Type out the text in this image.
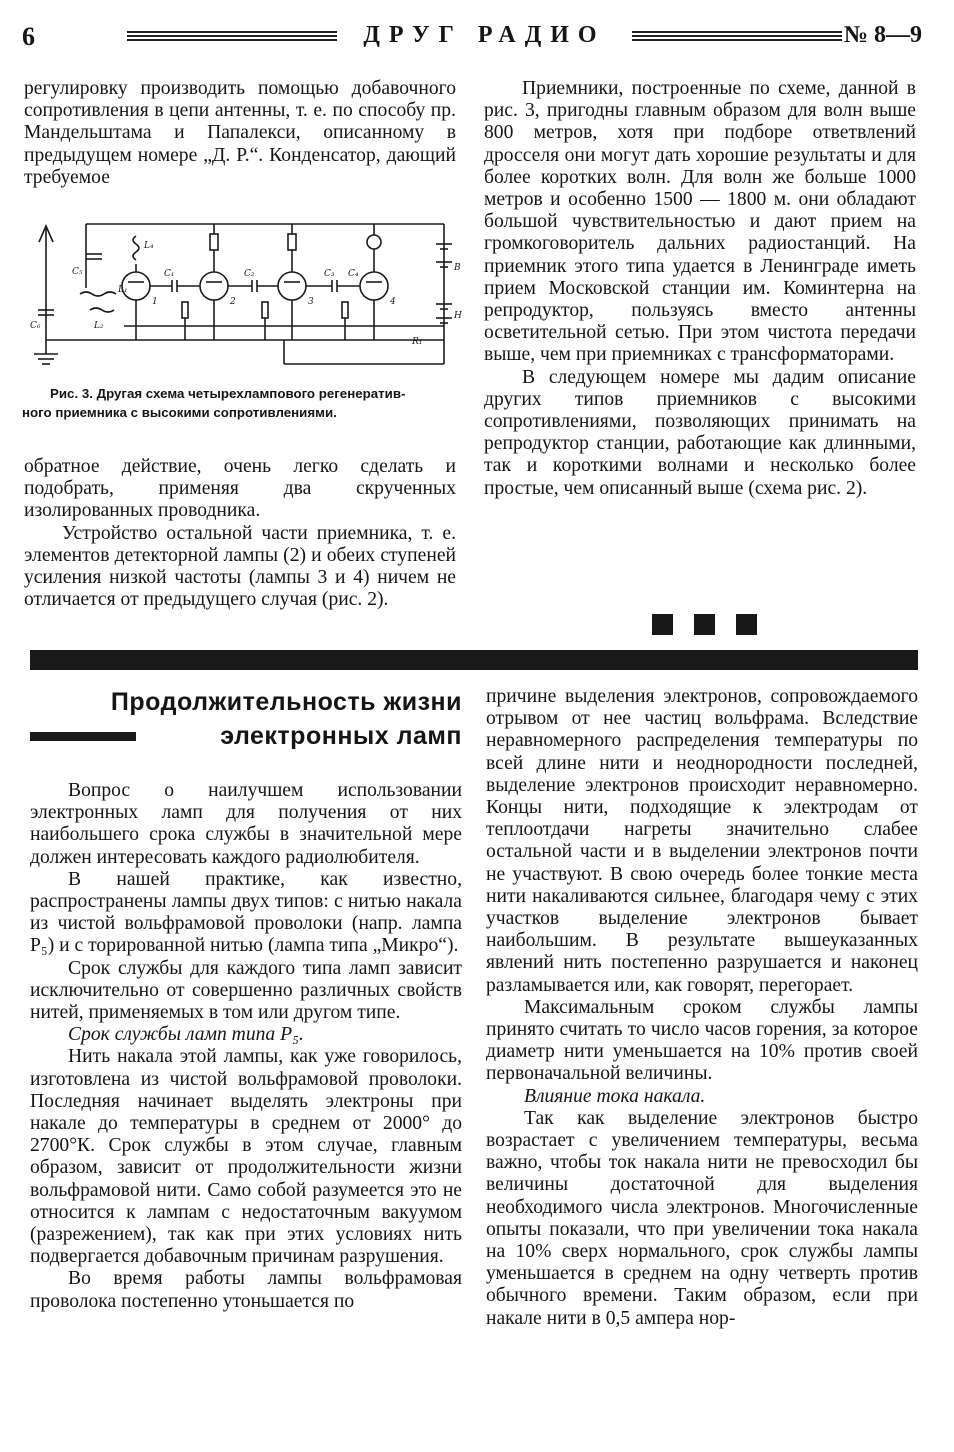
6	ДРУГ РАДИО	№ 8—9

регулировку производить помощью добавочного сопротивления в цепи антенны, т. е. по способу пр. Мандельштама и Папалекси, описанному в предыдущем номере „Д. Р.“. Конденсатор, дающий требуемое

C₆	L₂
C₅	C₁	C₂
L₄
C₃ C₄
R₁
В
Н
L₁
1	2	3	4
Рис. 3. Другая схема четырехлампового регенератив-
ного приемника с высокими сопротивлениями.

обратное действие, очень легко сделать и подобрать, применяя два скрученных изолированных проводника.

Устройство остальной части приемника, т. е. элементов детекторной лампы (2) и обеих ступеней усиления низкой частоты (лампы 3 и 4) ничем не отличается от предыдущего случая (рис. 2).

Приемники, построенные по схеме, данной в рис. 3, пригодны главным образом для волн выше 800 метров, хотя при подборе ответвлений дросселя они могут дать хорошие результаты и для более коротких волн. Для волн же больше 1000 метров и особенно 1500 — 1800 м. они обладают большой чувствительностью и дают прием на громкоговоритель дальних радиостанций. На приемник этого типа удается в Ленинграде иметь прием Московской станции им. Коминтерна на репродуктор, пользуясь вместо антенны осветительной сетью. При этом чистота передачи выше, чем при приемниках с трансформаторами.

В следующем номере мы дадим описание других типов приемников с высокими сопротивлениями, позволяющих принимать на репродуктор станции, работающие как длинными, так и короткими волнами и несколько более простые, чем описанный выше (схема рис. 2).

Продолжительность жизни
электронных ламп

Вопрос о наилучшем использовании электронных ламп для получения от них наибольшего срока службы в значительной мере должен интересовать каждого радиолюбителя.

В нашей практике, как известно, распространены лампы двух типов: с нитью накала из чистой вольфрамовой проволоки (напр. лампа P₅) и с торированной нитью (лампа типа „Микро“).

Срок службы для каждого типа ламп зависит исключительно от совершенно различных свойств нитей, применяемых в том или другом типе.

Срок службы ламп типа P₅.

Нить накала этой лампы, как уже говорилось, изготовлена из чистой вольфрамовой проволоки. Последняя начинает выделять электроны при накале до температуры в среднем от 2000° до 2700°К. Срок службы в этом случае, главным образом, зависит от продолжительности жизни вольфрамовой нити. Само собой разумеется это не относится к лампам с недостаточным вакуумом (разрежением), так как при этих условиях нить подвергается добавочным причинам разрушения.

Во время работы лампы вольфрамовая проволока постепенно утоньшается по

причине выделения электронов, сопровождаемого отрывом от нее частиц вольфрама. Вследствие неравномерного распределения температуры по всей длине нити и неоднородности последней, выделение электронов происходит неравномерно. Концы нити, подходящие к электродам от теплоотдачи нагреты значительно слабее остальной части и в выделении электронов почти не участвуют. В свою очередь более тонкие места нити накаливаются сильнее, благодаря чему с этих участков выделение электронов бывает наибольшим. В результате вышеуказанных явлений нить постепенно разрушается и наконец разламывается или, как говорят, перегорает.

Максимальным сроком службы лампы принято считать то число часов горения, за которое диаметр нити уменьшается на 10% против своей первоначальной величины.

Влияние тока накала.

Так как выделение электронов быстро возрастает с увеличением температуры, весьма важно, чтобы ток накала нити не превосходил бы величины достаточной для выделения необходимого числа электронов. Многочисленные опыты показали, что при увеличении тока накала на 10% сверх нормального, срок службы лампы уменьшается в среднем на одну четверть против обычного времени. Таким образом, если при накале нити в 0,5 ампера нор-
